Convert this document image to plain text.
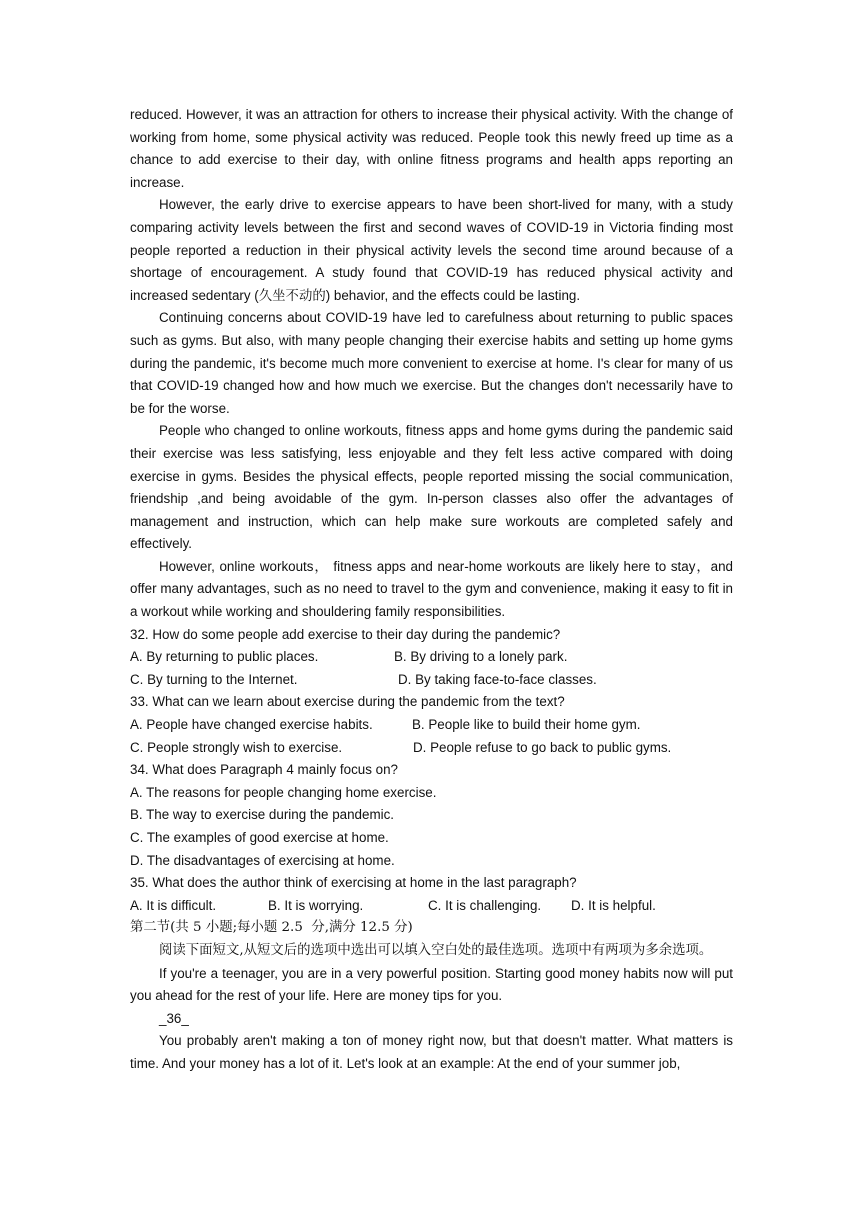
reduced. However, it was an attraction for others to increase their physical activity. With the change of working from home, some physical activity was reduced. People took this newly freed up time as a chance to add exercise to their day, with online fitness programs and health apps reporting an increase.

However, the early drive to exercise appears to have been short-lived for many, with a study comparing activity levels between the first and second waves of COVID-19 in Victoria finding most people reported a reduction in their physical activity levels the second time around because of a shortage of encouragement. A study found that COVID-19 has reduced physical activity and increased sedentary (久坐不动的) behavior, and the effects could be lasting.

Continuing concerns about COVID-19 have led to carefulness about returning to public spaces such as gyms. But also, with many people changing their exercise habits and setting up home gyms during the pandemic, it's become much more convenient to exercise at home. I's clear for many of us that COVID-19 changed how and how much we exercise. But the changes don't necessarily have to be for the worse.

People who changed to online workouts, fitness apps and home gyms during the pandemic said their exercise was less satisfying, less enjoyable and they felt less active compared with doing exercise in gyms. Besides the physical effects, people reported missing the social communication, friendship ,and being avoidable of the gym. In-person classes also offer the advantages of management and instruction, which can help make sure workouts are completed safely and effectively.

However, online workouts， fitness apps and near-home workouts are likely here to stay，and offer many advantages, such as no need to travel to the gym and convenience, making it easy to fit in a workout while working and shouldering family responsibilities.

32. How do some people add exercise to their day during the pandemic?

A. By returning to public places.	B. By driving to a lonely park.
C. By turning to the Internet.	D. By taking face-to-face classes.

33. What can we learn about exercise during the pandemic from the text?

A. People have changed exercise habits.	B. People like to build their home gym.
C. People strongly wish to exercise.	D. People refuse to go back to public gyms.

34. What does Paragraph 4 mainly focus on?

A. The reasons for people changing home exercise.

B. The way to exercise during the pandemic.

C. The examples of good exercise at home.

D. The disadvantages of exercising at home.

35. What does the author think of exercising at home in the last paragraph?

A. It is difficult.	B. It is worrying.	C. It is challenging.	D. It is helpful.

第二节(共 5 小题;每小题 2.5  分,满分 12.5 分)

阅读下面短文,从短文后的选项中选出可以填入空白处的最佳选项。选项中有两项为多余选项。

If you're a teenager, you are in a very powerful position. Starting good money habits now will put you ahead for the rest of your life. Here are money tips for you.

_36_

You probably aren't making a ton of money right now, but that doesn't matter. What matters is time. And your money has a lot of it. Let's look at an example: At the end of your summer job,
